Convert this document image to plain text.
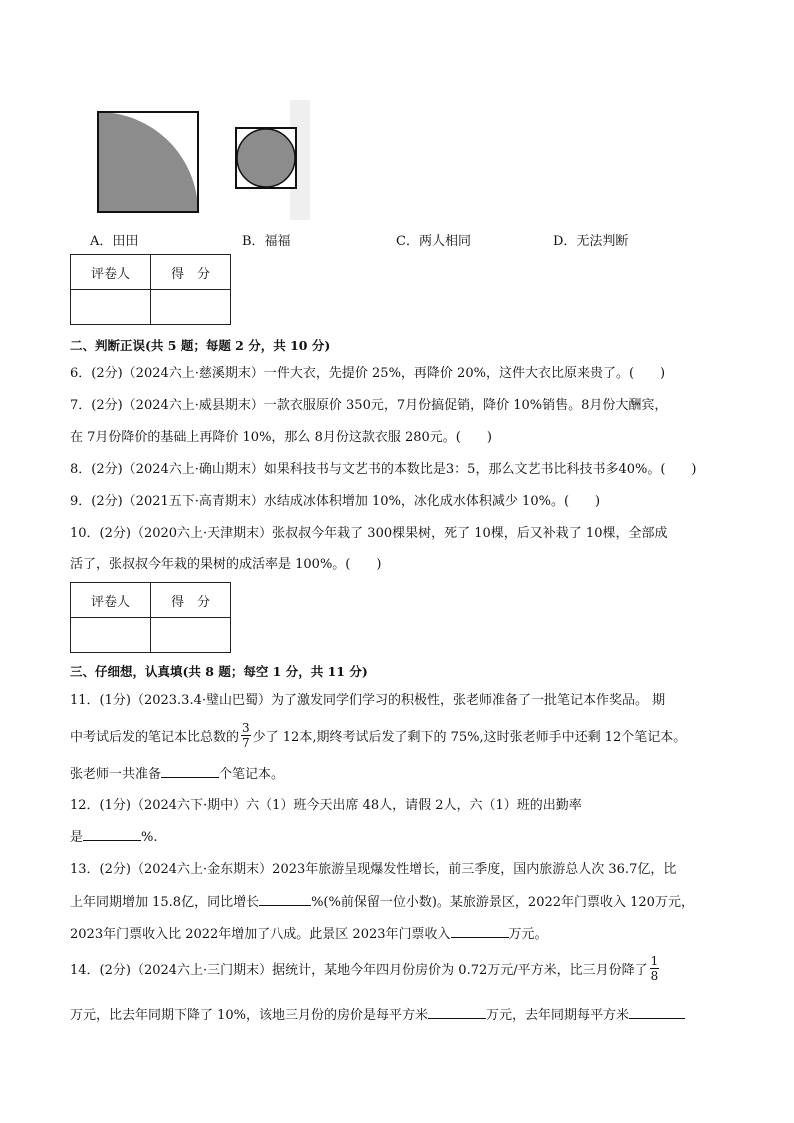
A．田田	B．福福	C．两人相同	D．无法判断
评卷人	得　分

二、判断正误(共 5 题；每题 2 分，共 10 分)
6．(2分)（2024六上·慈溪期末）一件大衣，先提价 25%，再降价 20%，这件大衣比原来贵了。(　　)
7．(2分)（2024六上·威县期末）一款衣服原价 350元，7月份搞促销，降价 10%销售。8月份大酬宾，
在 7月份降价的基础上再降价 10%，那么 8月份这款衣服 280元。(　　)
8．(2分)（2024六上·确山期末）如果科技书与文艺书的本数比是3：5，那么文艺书比科技书多40%。(　　)
9．(2分)（2021五下·高青期末）水结成冰体积增加 10%，冰化成水体积减少 10%。(　　)
10．(2分)（2020六上·天津期末）张叔叔今年栽了 300棵果树，死了 10棵，后又补栽了 10棵，全部成
活了，张叔叔今年栽的果树的成活率是 100%。(　　)
评卷人	得　分

三、仔细想，认真填(共 8 题；每空 1 分，共 11 分)
11．(1分)（2023.3.4·璧山巴蜀）为了激发同学们学习的积极性，张老师准备了一批笔记本作奖品。 期
中考试后发的笔记本比总数的 $\frac{3}{7}$ 少了 12本,期终考试后发了剩下的 75%,这时张老师手中还剩 12个笔记本。
张老师一共准备	个笔记本。
12．(1分)（2024六下·期中）六（1）班今天出席 48人，请假 2人，六（1）班的出勤率
是	%.
13．(2分)（2024六上·金东期末）2023年旅游呈现爆发性增长，前三季度，国内旅游总人次 36.7亿，比
上年同期增加 15.8亿，同比增长	%(%前保留一位小数)。某旅游景区，2022年门票收入 120万元，
2023年门票收入比 2022年增加了八成。此景区 2023年门票收入	万元。
14．(2分)（2024六上·三门期末）据统计，某地今年四月份房价为 0.72万元/平方米，比三月份降了 $\frac{1}{8}$
万元，比去年同期下降了 10%，该地三月份的房价是每平方米	万元，去年同期每平方米
